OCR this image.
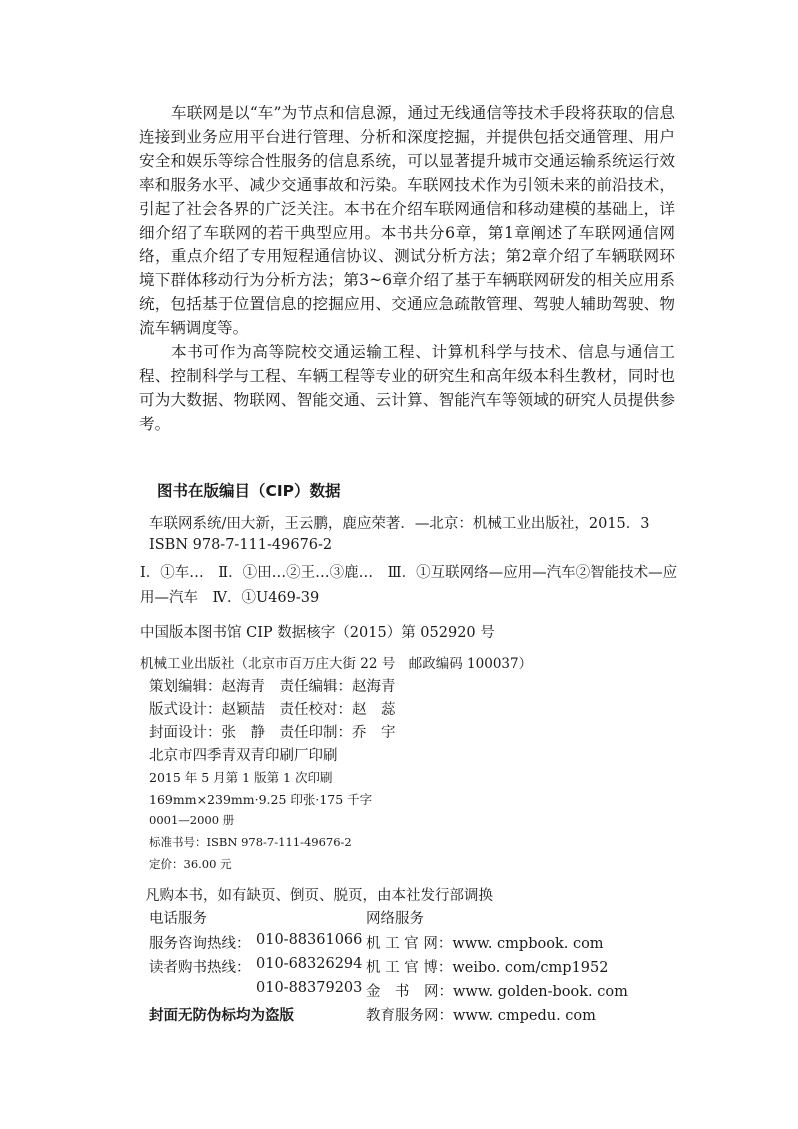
车联网是以“车”为节点和信息源，通过无线通信等技术手段将获取的信息连接到业务应用平台进行管理、分析和深度挖掘，并提供包括交通管理、用户安全和娱乐等综合性服务的信息系统，可以显著提升城市交通运输系统运行效率和服务水平、减少交通事故和污染。车联网技术作为引领未来的前沿技术，引起了社会各界的广泛关注。本书在介绍车联网通信和移动建模的基础上，详细介绍了车联网的若干典型应用。本书共分6章，第1章阐述了车联网通信网络，重点介绍了专用短程通信协议、测试分析方法；第2章介绍了车辆联网环境下群体移动行为分析方法；第3~6章介绍了基于车辆联网研发的相关应用系统，包括基于位置信息的挖掘应用、交通应急疏散管理、驾驶人辅助驾驶、物流车辆调度等。

本书可作为高等院校交通运输工程、计算机科学与技术、信息与通信工程、控制科学与工程、车辆工程等专业的研究生和高年级本科生教材，同时也可为大数据、物联网、智能交通、云计算、智能汽车等领域的研究人员提供参考。

图书在版编目（CIP）数据
车联网系统/田大新，王云鹏，鹿应荣著．—北京：机械工业出版社，2015．3
ISBN 978-7-111-49676-2
Ⅰ．①车…　Ⅱ．①田…②王…③鹿…　Ⅲ．①互联网络—应用—汽车②智能技术—应用—汽车　Ⅳ．①U469-39
中国版本图书馆 CIP 数据核字（2015）第 052920 号
机械工业出版社（北京市百万庄大街 22 号　邮政编码 100037）
策划编辑：赵海青　责任编辑：赵海青
版式设计：赵颖喆　责任校对：赵　蕊
封面设计：张　静　责任印制：乔　宇
北京市四季青双青印刷厂印刷
2015 年 5 月第 1 版第 1 次印刷
169mm×239mm·9.25 印张·175 千字
0001—2000 册
标准书号：ISBN 978-7-111-49676-2
定价：36.00 元
凡购本书，如有缺页、倒页、脱页，由本社发行部调换
电话服务	网络服务
服务咨询热线： 010-88361066 机 工 官 网：www. cmpbook. com
读者购书热线： 010-68326294 机 工 官 博：weibo. com/cmp1952
010-88379203 金　书　网：www. golden-book. com
封面无防伪标均为盗版	教育服务网：www. cmpedu. com
